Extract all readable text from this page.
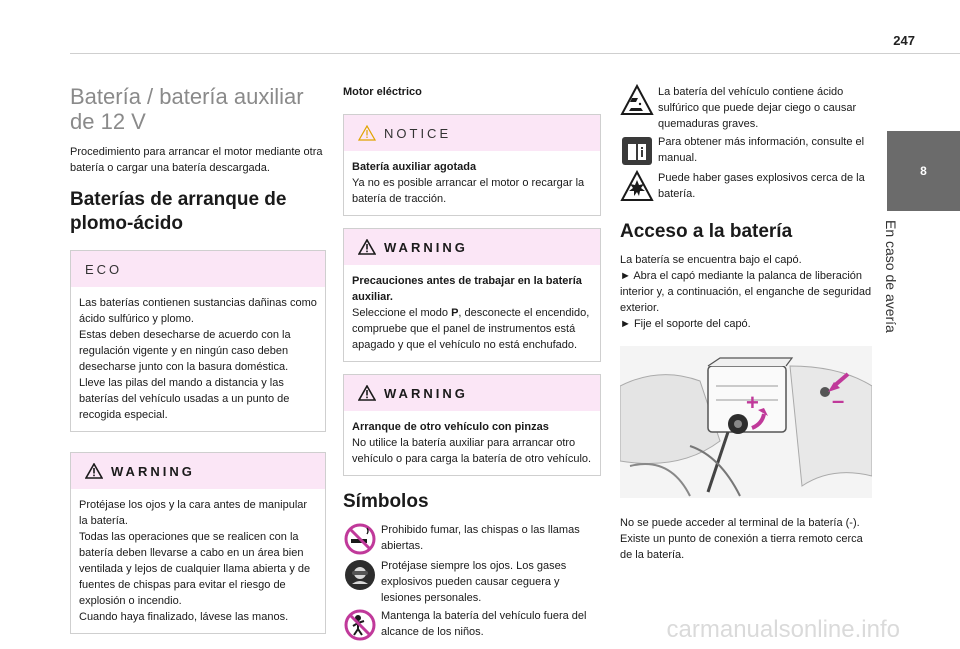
247
8
En caso de avería
Batería / batería auxiliar de 12 V
Procedimiento para arrancar el motor mediante otra batería o cargar una batería descargada.
Baterías de arranque de plomo-ácido
ECO
Las baterías contienen sustancias dañinas como ácido sulfúrico y plomo.
Estas deben desecharse de acuerdo con la regulación vigente y en ningún caso deben desecharse junto con la basura doméstica.
Lleve las pilas del mando a distancia y las baterías del vehículo usadas a un punto de recogida especial.
WARNING
Protéjase los ojos y la cara antes de manipular la batería.
Todas las operaciones que se realicen con la batería deben llevarse a cabo en un área bien ventilada y lejos de cualquier llama abierta y de fuentes de chispas para evitar el riesgo de explosión o incendio.
Cuando haya finalizado, lávese las manos.
Motor eléctrico
NOTICE
Batería auxiliar agotada
Ya no es posible arrancar el motor o recargar la batería de tracción.
WARNING
Precauciones antes de trabajar en la batería auxiliar.
Seleccione el modo P, desconecte el encendido, compruebe que el panel de instrumentos está apagado y que el vehículo no está enchufado.
WARNING
Arranque de otro vehículo con pinzas
No utilice la batería auxiliar para arrancar otro vehículo o para carga la batería de otro vehículo.
Símbolos
Prohibido fumar, las chispas o las llamas abiertas.
Protéjase siempre los ojos. Los gases explosivos pueden causar ceguera y lesiones personales.
Mantenga la batería del vehículo fuera del alcance de los niños.
La batería del vehículo contiene ácido sulfúrico que puede dejar ciego o causar quemaduras graves.
Para obtener más información, consulte el manual.
Puede haber gases explosivos cerca de la batería.
Acceso a la batería
La batería se encuentra bajo el capó.
► Abra el capó mediante la palanca de liberación interior y, a continuación, el enganche de seguridad exterior.
► Fije el soporte del capó.
+	–
No se puede acceder al terminal de la batería (-). Existe un punto de conexión a tierra remoto cerca de la batería.
carmanualsonline.info
